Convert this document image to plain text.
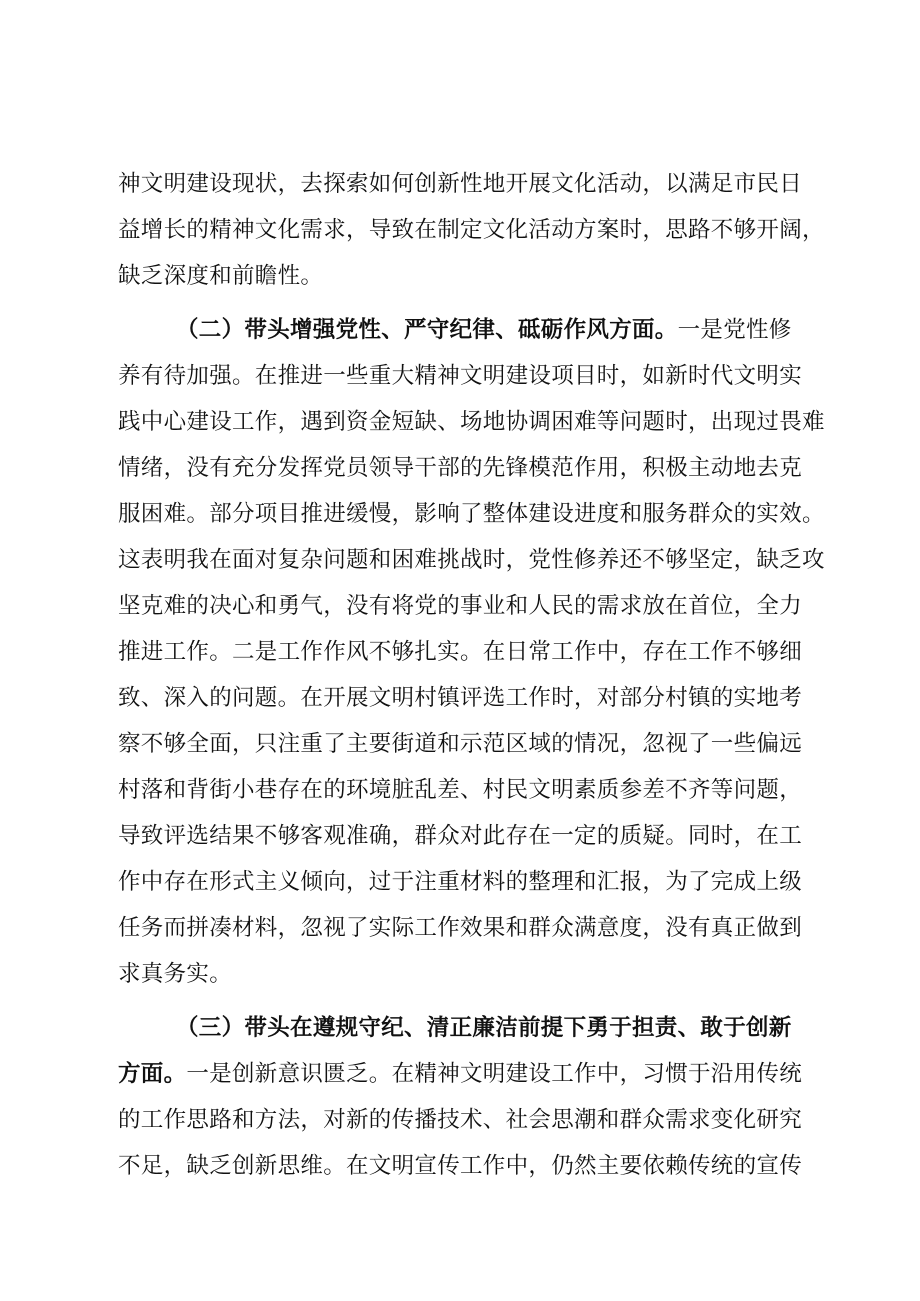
神文明建设现状，去探索如何创新性地开展文化活动，以满足市民日
益增长的精神文化需求，导致在制定文化活动方案时，思路不够开阔，
缺乏深度和前瞻性。
（二）带头增强党性、严守纪律、砥砺作风方面。一是党性修
养有待加强。在推进一些重大精神文明建设项目时，如新时代文明实
践中心建设工作，遇到资金短缺、场地协调困难等问题时，出现过畏难
情绪，没有充分发挥党员领导干部的先锋模范作用，积极主动地去克
服困难。部分项目推进缓慢，影响了整体建设进度和服务群众的实效。
这表明我在面对复杂问题和困难挑战时，党性修养还不够坚定，缺乏攻
坚克难的决心和勇气，没有将党的事业和人民的需求放在首位，全力
推进工作。二是工作作风不够扎实。在日常工作中，存在工作不够细
致、深入的问题。在开展文明村镇评选工作时，对部分村镇的实地考
察不够全面，只注重了主要街道和示范区域的情况，忽视了一些偏远
村落和背街小巷存在的环境脏乱差、村民文明素质参差不齐等问题，
导致评选结果不够客观准确，群众对此存在一定的质疑。同时，在工
作中存在形式主义倾向，过于注重材料的整理和汇报，为了完成上级
任务而拼凑材料，忽视了实际工作效果和群众满意度，没有真正做到
求真务实。
（三）带头在遵规守纪、清正廉洁前提下勇于担责、敢于创新
方面。一是创新意识匮乏。在精神文明建设工作中，习惯于沿用传统
的工作思路和方法，对新的传播技术、社会思潮和群众需求变化研究
不足，缺乏创新思维。在文明宣传工作中，仍然主要依赖传统的宣传
